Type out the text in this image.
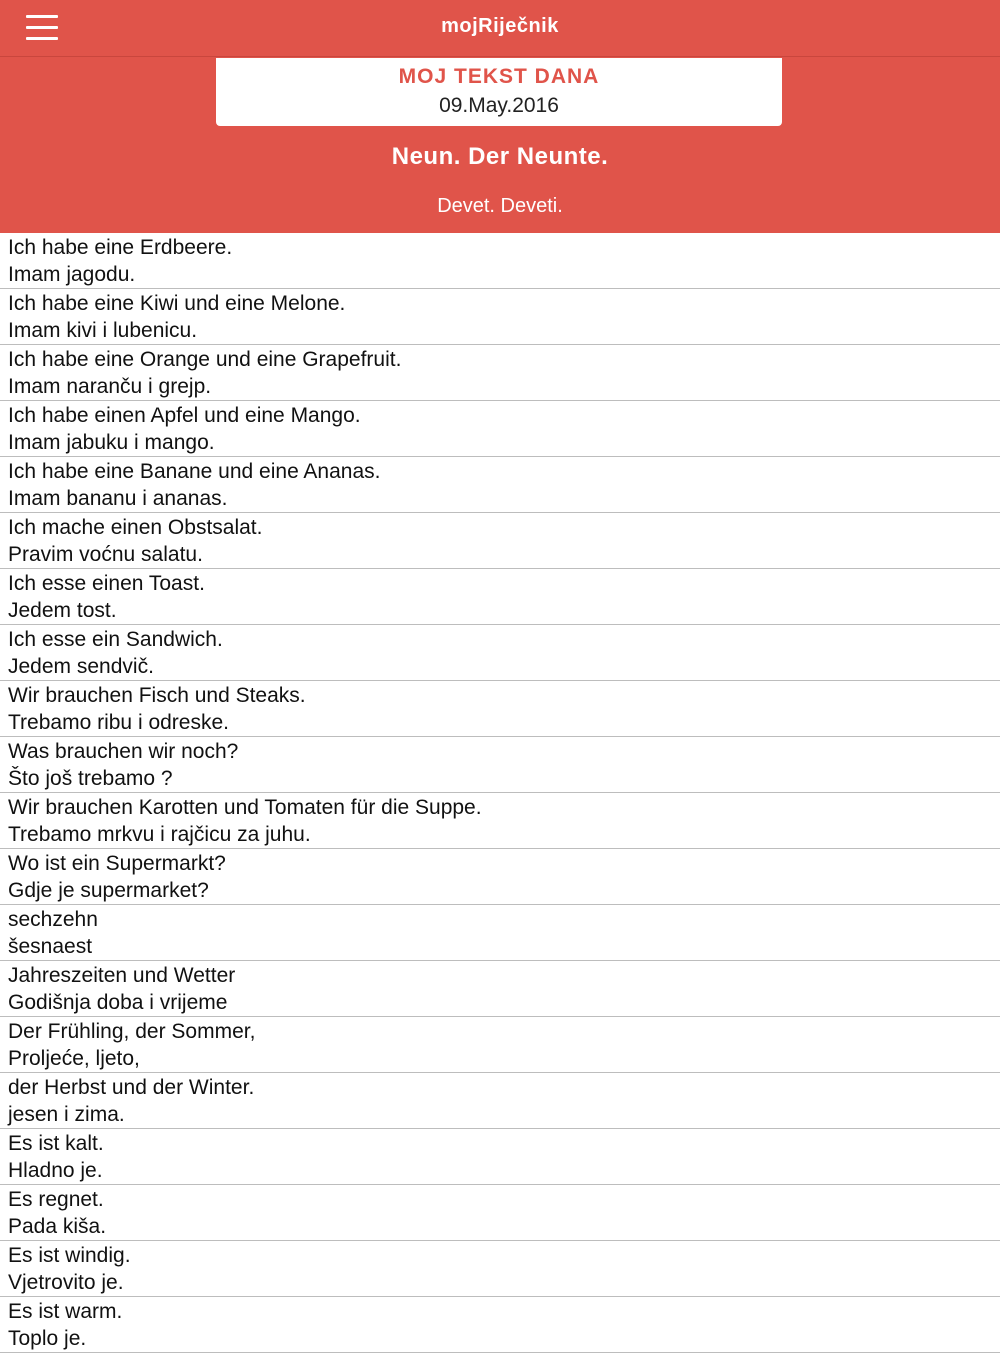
mojRiječnik
MOJ TEKST DANA
09.May.2016
Neun. Der Neunte.
Devet. Deveti.
Ich habe eine Erdbeere.
Imam jagodu.
Ich habe eine Kiwi und eine Melone.
Imam kivi i lubenicu.
Ich habe eine Orange und eine Grapefruit.
Imam naranču i grejp.
Ich habe einen Apfel und eine Mango.
Imam jabuku i mango.
Ich habe eine Banane und eine Ananas.
Imam bananu i ananas.
Ich mache einen Obstsalat.
Pravim voćnu salatu.
Ich esse einen Toast.
Jedem tost.
Ich esse ein Sandwich.
Jedem sendvič.
Wir brauchen Fisch und Steaks.
Trebamo ribu i odreske.
Was brauchen wir noch?
Što još trebamo ?
Wir brauchen Karotten und Tomaten für die Suppe.
Trebamo mrkvu i rajčicu za juhu.
Wo ist ein Supermarkt?
Gdje je supermarket?
sechzehn
šesnaest
Jahreszeiten und Wetter
Godišnja doba i vrijeme
Der Frühling, der Sommer,
Proljeće, ljeto,
der Herbst und der Winter.
jesen i zima.
Es ist kalt.
Hladno je.
Es regnet.
Pada kiša.
Es ist windig.
Vjetrovito je.
Es ist warm.
Toplo je.
